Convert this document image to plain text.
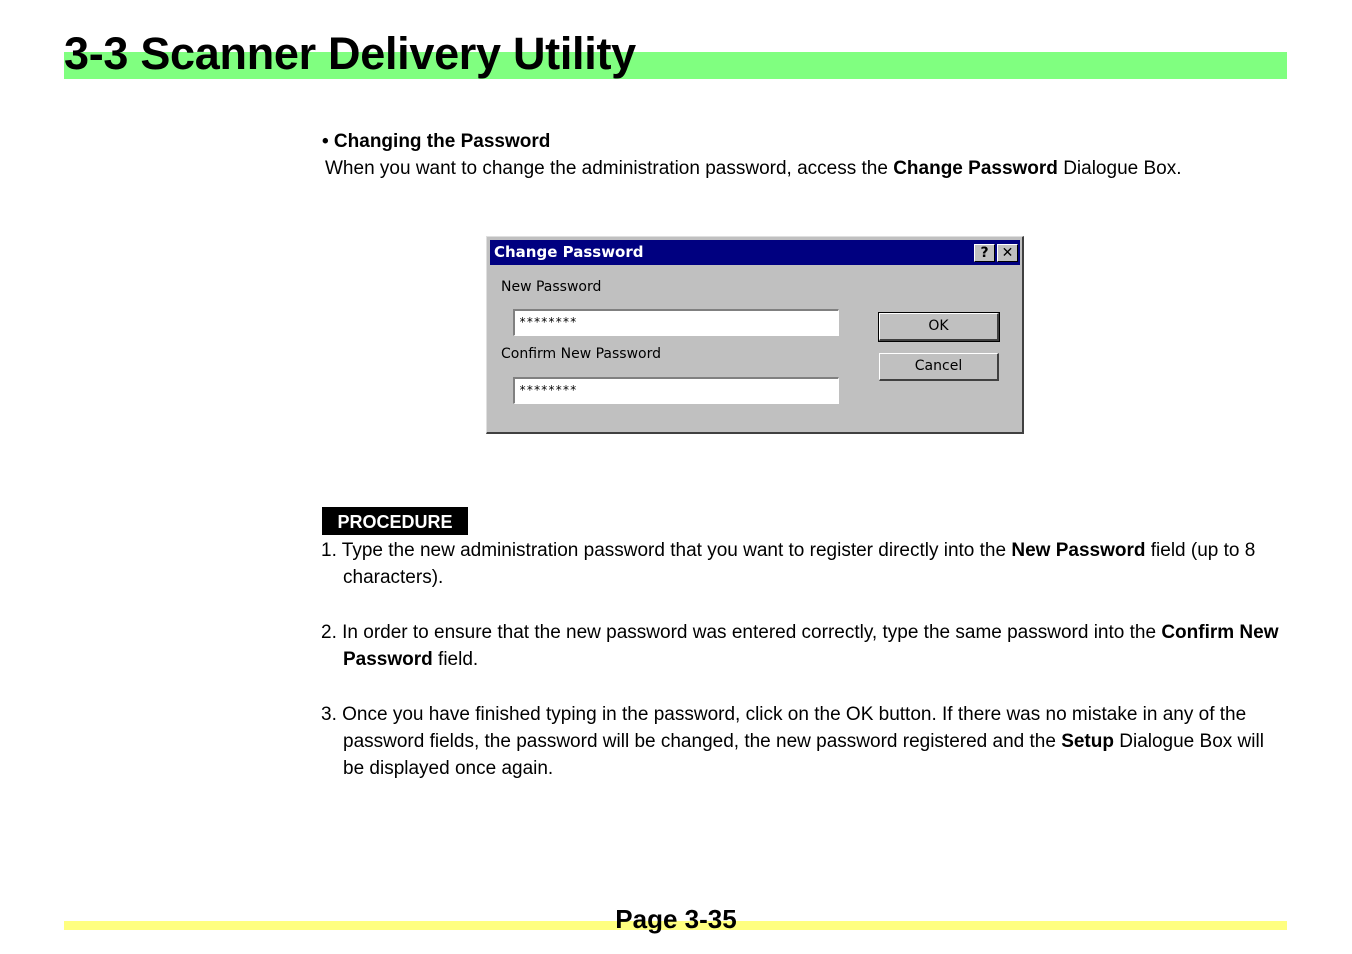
3-3 Scanner Delivery Utility
• Changing the Password
When you want to change the administration password, access the Change Password Dialogue Box.
Change Password	? ✕
New Password
********
Confirm New Password
********
OK
Cancel
PROCEDURE

1. Type the new administration password that you want to register directly into the New Password field (up to 8 characters).

2. In order to ensure that the new password was entered correctly, type the same password into the Confirm New Password field.

3. Once you have finished typing in the password, click on the OK button. If there was no mistake in any of the password fields, the password will be changed, the new password registered and the Setup Dialogue Box will be displayed once again.

Page 3-35
